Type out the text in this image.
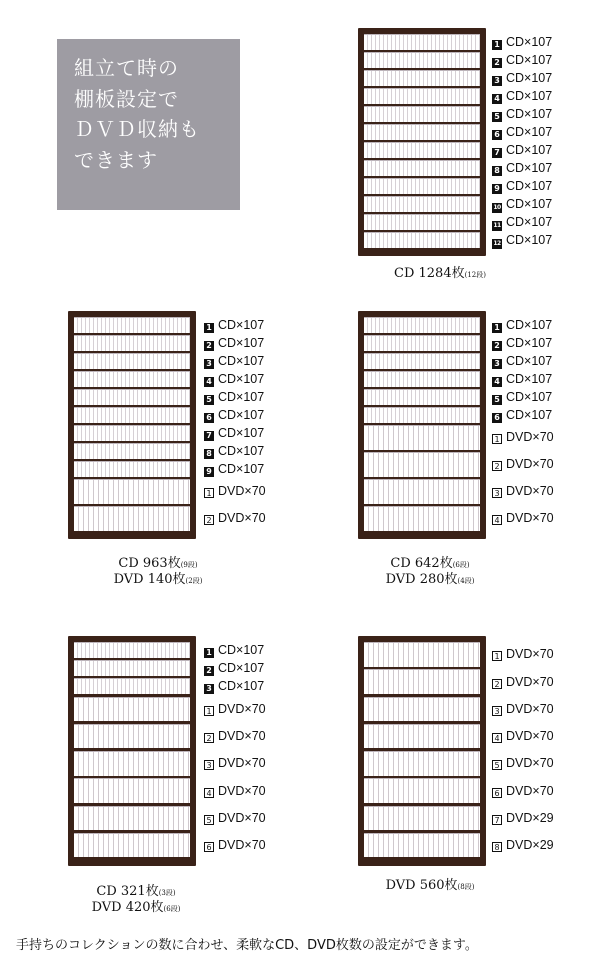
組立て時の
棚板設定で
ＤＶＤ収納も
できます
1 CD×107
2 CD×107
3 CD×107
4 CD×107
5 CD×107
6 CD×107
7 CD×107
8 CD×107
9 CD×107
10 CD×107
11 CD×107
12 CD×107
CD 1284枚(12段)
1 CD×107
2 CD×107
3 CD×107
4 CD×107
5 CD×107
6 CD×107
7 CD×107
8 CD×107
9 CD×107
1 DVD×70
2 DVD×70
CD 963枚(9段)
DVD 140枚(2段)
1 CD×107
2 CD×107
3 CD×107
4 CD×107
5 CD×107
6 CD×107
1 DVD×70
2 DVD×70
3 DVD×70
4 DVD×70
CD 642枚(6段)
DVD 280枚(4段)
1 CD×107
2 CD×107
3 CD×107
1 DVD×70
2 DVD×70
3 DVD×70
4 DVD×70
5 DVD×70
6 DVD×70
CD 321枚(3段)
DVD 420枚(6段)
1 DVD×70
2 DVD×70
3 DVD×70
4 DVD×70
5 DVD×70
6 DVD×70
7 DVD×29
8 DVD×29
DVD 560枚(8段)
手持ちのコレクションの数に合わせ、柔軟なCD、DVD枚数の設定ができます。
